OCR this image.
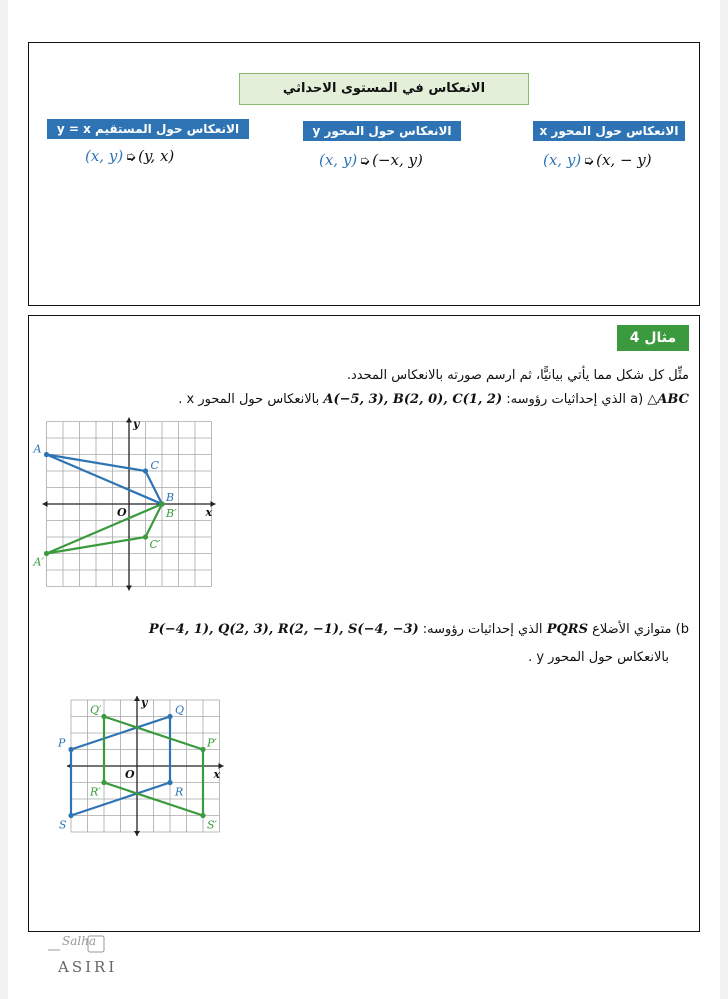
الانعكاس في المستوى الاحداثي
الانعكاس حول المحور x
(x, y) ➭ (x, − y)
الانعكاس حول المحور y
(x, y) ➭ (−x, y)
الانعكاس حول المستقيم y = x
(x, y) ➭ (y, x)
مثال 4
مثِّل كل شكل مما يأتي بيانيًّا، ثم ارسم صورته بالانعكاس المحدد.
a) △ABC الذي إحداثيات رؤوسه: A(−5, 3), B(2, 0), C(1, 2) بالانعكاس حول المحور x .
x
y
O
A
B
C
A′
B′
C′
b) متوازي الأضلاع PQRS الذي إحداثيات رؤوسه: P(−4, 1), Q(2, 3), R(2, −1), S(−4, −3)
بالانعكاس حول المحور y .
x
y
O
P
Q
R
S
P′
Q′
R′
S′
Salha
ASIRI
